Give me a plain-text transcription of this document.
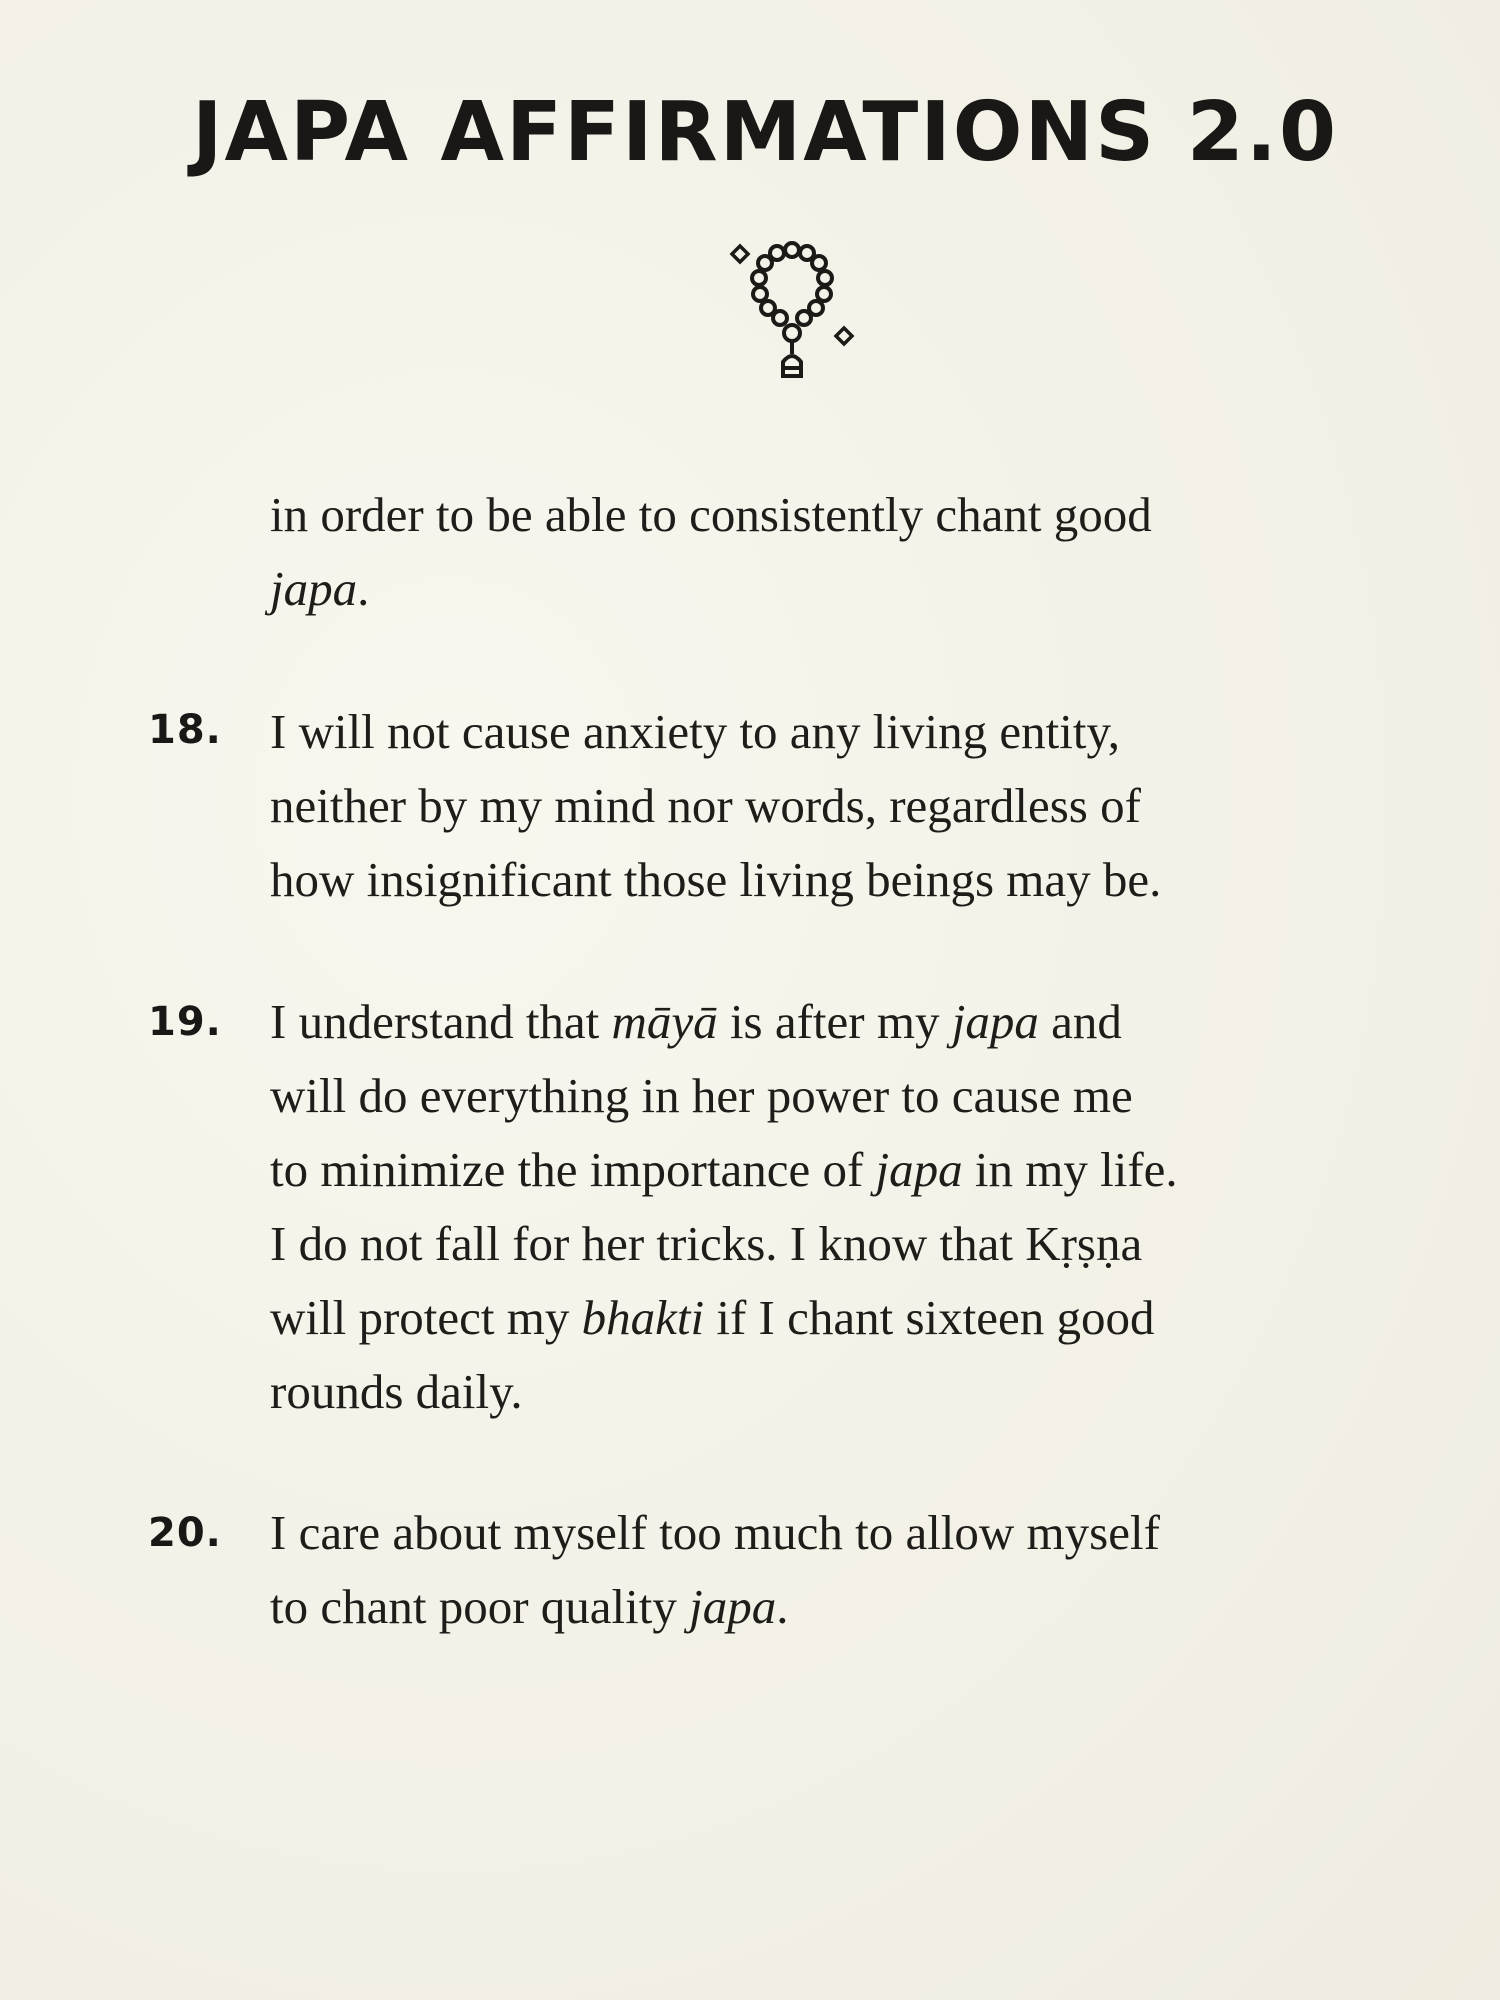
JAPA AFFIRMATIONS 2.0
in order to be able to consistently chant good
japa.
18. I will not cause anxiety to any living entity,
neither by my mind nor words, regardless of
how insignificant those living beings may be.
19. I understand that māyā is after my japa and
will do everything in her power to cause me
to minimize the importance of japa in my life.
I do not fall for her tricks. I know that Kṛṣṇa
will protect my bhakti if I chant sixteen good
rounds daily.
20. I care about myself too much to allow myself
to chant poor quality japa.
